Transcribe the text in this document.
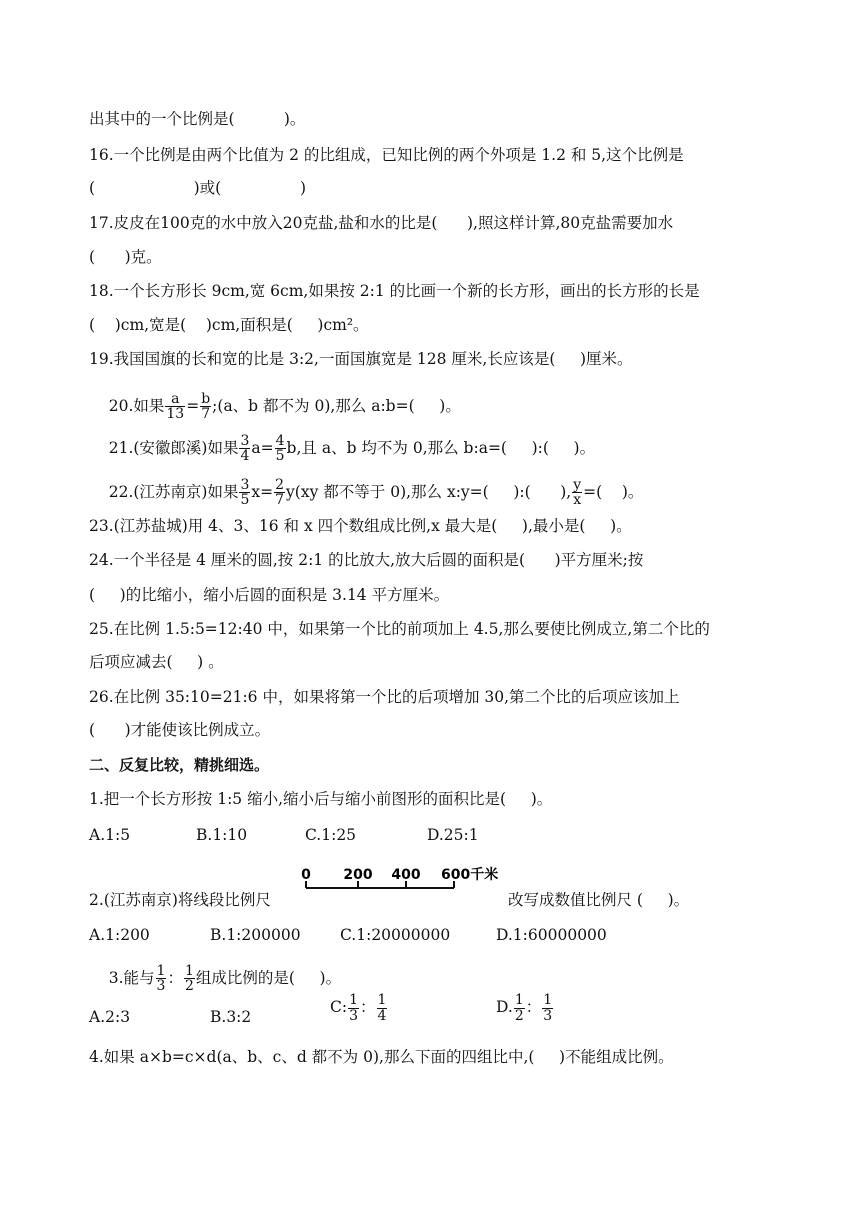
出其中的一个比例是(          )。
16.一个比例是由两个比值为 2 的比组成，已知比例的两个外项是 1.2 和 5,这个比例是
(                    )或(                )
17.皮皮在100克的水中放入20克盐,盐和水的比是(      ),照这样计算,80克盐需要加水
(      )克。
18.一个长方形长 9cm,宽 6cm,如果按 2:1 的比画一个新的长方形，画出的长方形的长是
(    )cm,宽是(    )cm,面积是(     )cm²。
19.我国国旗的长和宽的比是 3:2,一面国旗宽是 128 厘米,长应该是(     )厘米。

20.如果 $\frac{a}{13} = \frac{b}{7}$ ;(a、b 都不为 0),那么 a:b=(     )。

21.(安徽郎溪)如果 $\frac{3}{4} a= \frac{4}{5} b$,且 a、b 均不为 0,那么 b:a=(     ):(     )。

22.(江苏南京)如果 $\frac{3}{5} x= \frac{2}{7} y(xy$ 都不等于 0),那么 x:y=(     ):(      ), $\frac{y}{x}$ =(    )。

23.(江苏盐城)用 4、3、16 和 x 四个数组成比例,x 最大是(     ),最小是(     )。
24.一个半径是 4 厘米的圆,按 2:1 的比放大,放大后圆的面积是(      )平方厘米;按
(     )的比缩小，缩小后圆的面积是 3.14 平方厘米。
25.在比例 1.5:5=12:40 中，如果第一个比的前项加上 4.5,那么要使比例成立,第二个比的
后项应减去(     ) 。
26.在比例 35:10=21:6 中，如果将第一个比的后项增加 30,第二个比的后项应该加上
(      )才能使该比例成立。
二、反复比较，精挑细选。
1.把一个长方形按 1:5 缩小,缩小后与缩小前图形的面积比是(     )。
A.1:5	B.1:10	C.1:25	D.25:1
2.(江苏南京)将线段比例尺
0 200 400 600千米
改写成数值比例尺 (     )。
A.1:200	B.1:200000	C.1:20000000	D.1:60000000

3.能与 $\frac{1}{3}$ ： $\frac{1}{2}$ 组成比例的是(     )。

A.2:3	B.3:2
C: $\frac{1}{3}$ ： $\frac{1}{4}$	D. $\frac{1}{2}$ ： $\frac{1}{3}$
4.如果 a×b=c×d(a、b、c、d 都不为 0),那么下面的四组比中,(     )不能组成比例。
